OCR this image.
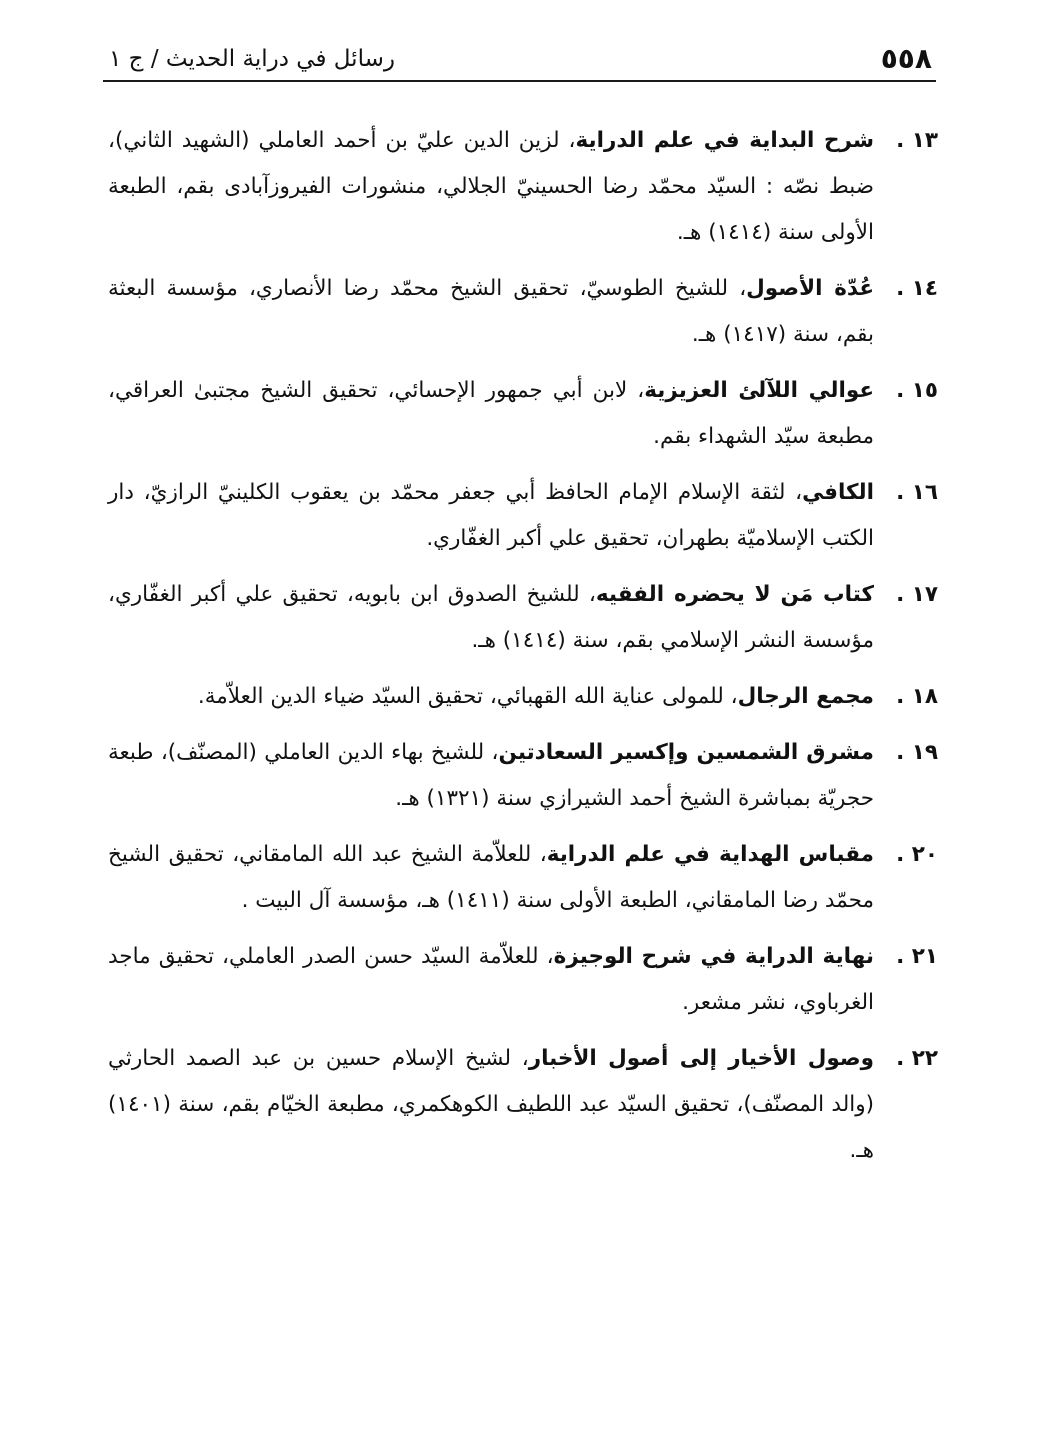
٥٥٨
رسائل في دراية الحديث / ج ١
١٣ .
شرح البداية في علم الدراية، لزين الدين عليّ بن أحمد العاملي (الشهيد الثاني)، ضبط نصّه : السيّد محمّد رضا الحسينيّ الجلالي، منشورات الفيروزآبادى بقم، الطبعة الأولى سنة (١٤١٤) هـ.
١٤ .
عُدّة الأصول، للشيخ الطوسيّ، تحقيق الشيخ محمّد رضا الأنصاري، مؤسسة البعثة بقم، سنة (١٤١٧) هـ.
١٥ .
عوالي اللآلئ العزيزية، لابن أبي جمهور الإحسائي، تحقيق الشيخ مجتبىٰ العراقي، مطبعة سيّد الشهداء بقم.
١٦ .
الكافي، لثقة الإسلام الإمام الحافظ أبي جعفر محمّد بن يعقوب الكلينيّ الرازيّ، دار الكتب الإسلاميّة بطهران، تحقيق علي أكبر الغفّاري.
١٧ .
كتاب مَن لا يحضره الفقيه، للشيخ الصدوق ابن بابويه، تحقيق علي أكبر الغفّاري، مؤسسة النشر الإسلامي بقم، سنة (١٤١٤) هـ.
١٨ .
مجمع الرجال، للمولى عناية الله القهبائي، تحقيق السيّد ضياء الدين العلاّمة.
١٩ .
مشرق الشمسين وإكسير السعادتين، للشيخ بهاء الدين العاملي (المصنّف)، طبعة حجريّة بمباشرة الشيخ أحمد الشيرازي سنة (١٣٢١) هـ.
٢٠ .
مقباس الهداية في علم الدراية، للعلاّمة الشيخ عبد الله المامقاني، تحقيق الشيخ محمّد رضا المامقاني، الطبعة الأولى سنة (١٤١١) هـ، مؤسسة آل البيت .
٢١ .
نهاية الدراية في شرح الوجيزة، للعلاّمة السيّد حسن الصدر العاملي، تحقيق ماجد الغرباوي، نشر مشعر.
٢٢ .
وصول الأخيار إلى أصول الأخبار، لشيخ الإسلام حسين بن عبد الصمد الحارثي (والد المصنّف)، تحقيق السيّد عبد اللطيف الكوهكمري، مطبعة الخيّام بقم، سنة (١٤٠١) هـ.
